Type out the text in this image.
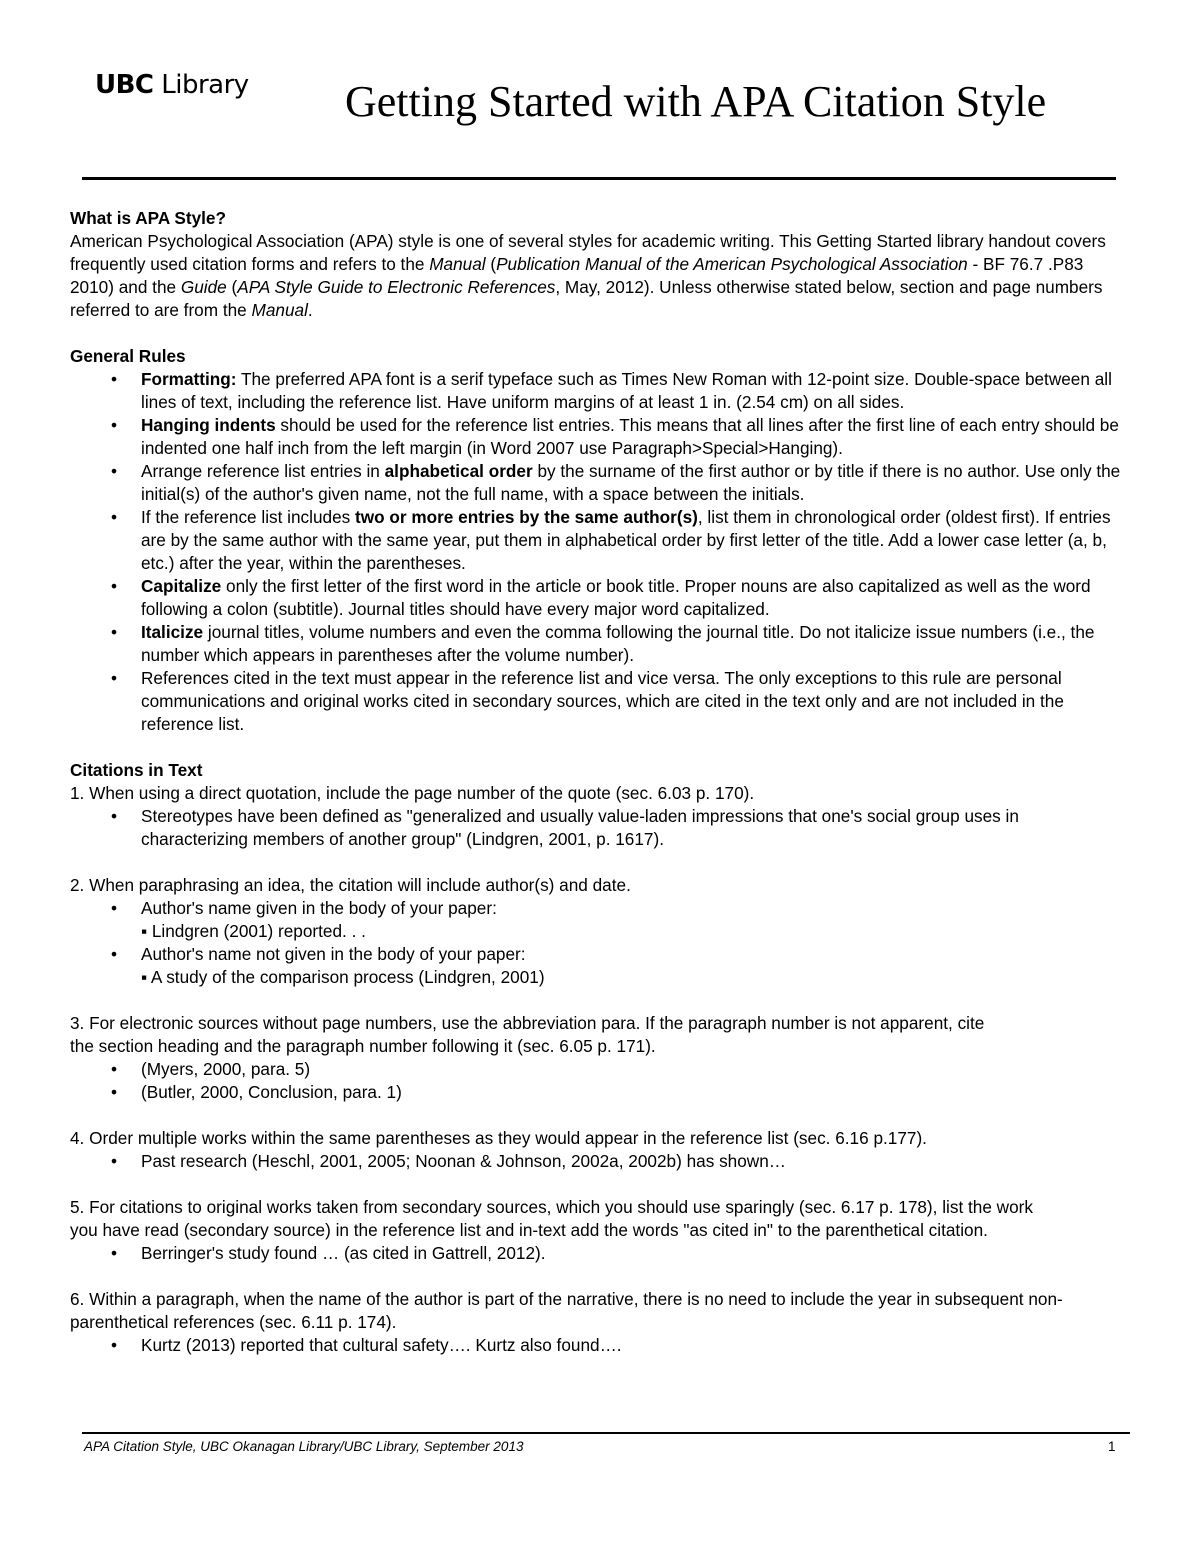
UBC Library Getting Started with APA Citation Style
What is APA Style?

American Psychological Association (APA) style is one of several styles for academic writing. This Getting Started library handout covers frequently used citation forms and refers to the Manual (Publication Manual of the American Psychological Association - BF 76.7 .P83 2010) and the Guide (APA Style Guide to Electronic References, May, 2012). Unless otherwise stated below, section and page numbers referred to are from the Manual.

General Rules
• Formatting: The preferred APA font is a serif typeface such as Times New Roman with 12-point size. Double-space between all lines of text, including the reference list. Have uniform margins of at least 1 in. (2.54 cm) on all sides.
• Hanging indents should be used for the reference list entries. This means that all lines after the first line of each entry should be indented one half inch from the left margin (in Word 2007 use Paragraph>Special>Hanging).
• Arrange reference list entries in alphabetical order by the surname of the first author or by title if there is no author. Use only the initial(s) of the author's given name, not the full name, with a space between the initials.
• If the reference list includes two or more entries by the same author(s), list them in chronological order (oldest first). If entries are by the same author with the same year, put them in alphabetical order by first letter of the title. Add a lower case letter (a, b, etc.) after the year, within the parentheses.
• Capitalize only the first letter of the first word in the article or book title. Proper nouns are also capitalized as well as the word following a colon (subtitle). Journal titles should have every major word capitalized.
• Italicize journal titles, volume numbers and even the comma following the journal title. Do not italicize issue numbers (i.e., the number which appears in parentheses after the volume number).
• References cited in the text must appear in the reference list and vice versa. The only exceptions to this rule are personal communications and original works cited in secondary sources, which are cited in the text only and are not included in the reference list.
Citations in Text

1. When using a direct quotation, include the page number of the quote (sec. 6.03 p. 170).

• Stereotypes have been defined as "generalized and usually value-laden impressions that one's social group uses in characterizing members of another group" (Lindgren, 2001, p. 1617).

2. When paraphrasing an idea, the citation will include author(s) and date.

• Author's name given in the body of your paper:
▪ Lindgren (2001) reported. . .
• Author's name not given in the body of your paper:
▪ A study of the comparison process (Lindgren, 2001)

3. For electronic sources without page numbers, use the abbreviation para. If the paragraph number is not apparent, cite the section heading and the paragraph number following it (sec. 6.05 p. 171).

• (Myers, 2000, para. 5)
• (Butler, 2000, Conclusion, para. 1)

4. Order multiple works within the same parentheses as they would appear in the reference list (sec. 6.16 p.177).

• Past research (Heschl, 2001, 2005; Noonan & Johnson, 2002a, 2002b) has shown…

5. For citations to original works taken from secondary sources, which you should use sparingly (sec. 6.17 p. 178), list the work you have read (secondary source) in the reference list and in-text add the words "as cited in" to the parenthetical citation.

• Berringer's study found … (as cited in Gattrell, 2012).

6. Within a paragraph, when the name of the author is part of the narrative, there is no need to include the year in subsequent non-parenthetical references (sec. 6.11 p. 174).

• Kurtz (2013) reported that cultural safety…. Kurtz also found….
APA Citation Style, UBC Okanagan Library/UBC Library, September 2013	1
